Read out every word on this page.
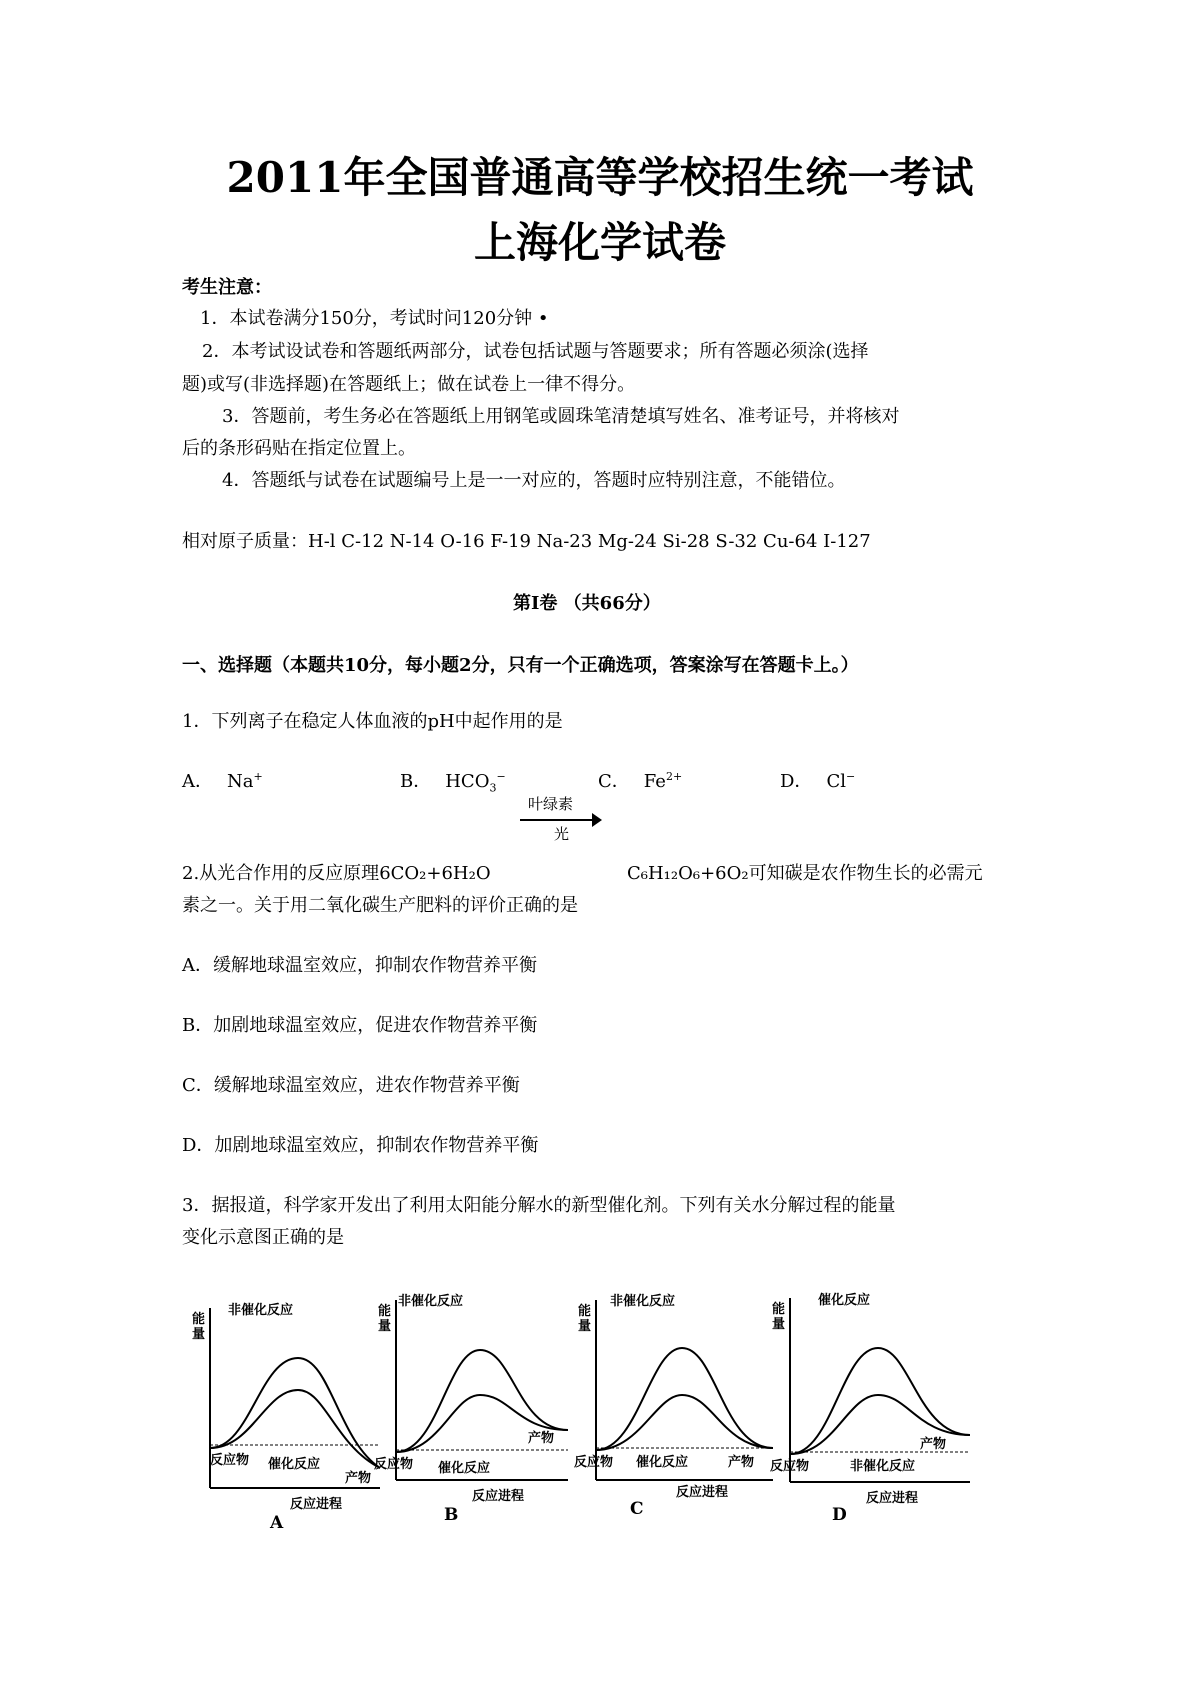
2011年全国普通高等学校招生统一考试
上海化学试卷
考生注意：
1．本试卷满分150分，考试时问120分钟 •
2．本考试设试卷和答题纸两部分，试卷包括试题与答题要求；所有答题必须涂(选择
题)或写(非选择题)在答题纸上；做在试卷上一律不得分。
3．答题前，考生务必在答题纸上用钢笔或圆珠笔清楚填写姓名、准考证号，并将核对
后的条形码贴在指定位置上。
4．答题纸与试卷在试题编号上是一一对应的，答题时应特别注意，不能错位。
相对原子质量：H-l C-12 N-14 O-16 F-19 Na-23 Mg-24 Si-28 S-32 Cu-64 I-127
第I卷 （共66分）
一、选择题（本题共10分，每小题2分，只有一个正确选项，答案涂写在答题卡上。）
1．下列离子在稳定人体血液的pH中起作用的是
A． Na+	B． $HCO_3^-$	C． $Fe^{2+}$	D． Cl−
2.从光合作用的反应原理6CO₂+6H₂O
叶绿素
光
C₆H₁₂O₆+6O₂可知碳是农作物生长的必需元
素之一。关于用二氧化碳生产肥料的评价正确的是
A．缓解地球温室效应，抑制农作物营养平衡
B．加剧地球温室效应，促进农作物营养平衡
C．缓解地球温室效应，进农作物营养平衡
D．加剧地球温室效应，抑制农作物营养平衡
3．据报道，科学家开发出了利用太阳能分解水的新型催化剂。下列有关水分解过程的能量
变化示意图正确的是
能
量
非催化反应
反应物 催化反应
产物
反应进程
A
能
量
非催化反应
反应物 催化反应
产物
反应进程
B
能
量
非催化反应
反应物 催化反应	产物
反应进程
C
能
量
催化反应
反应物	非催化反应
产物
反应进程
D
